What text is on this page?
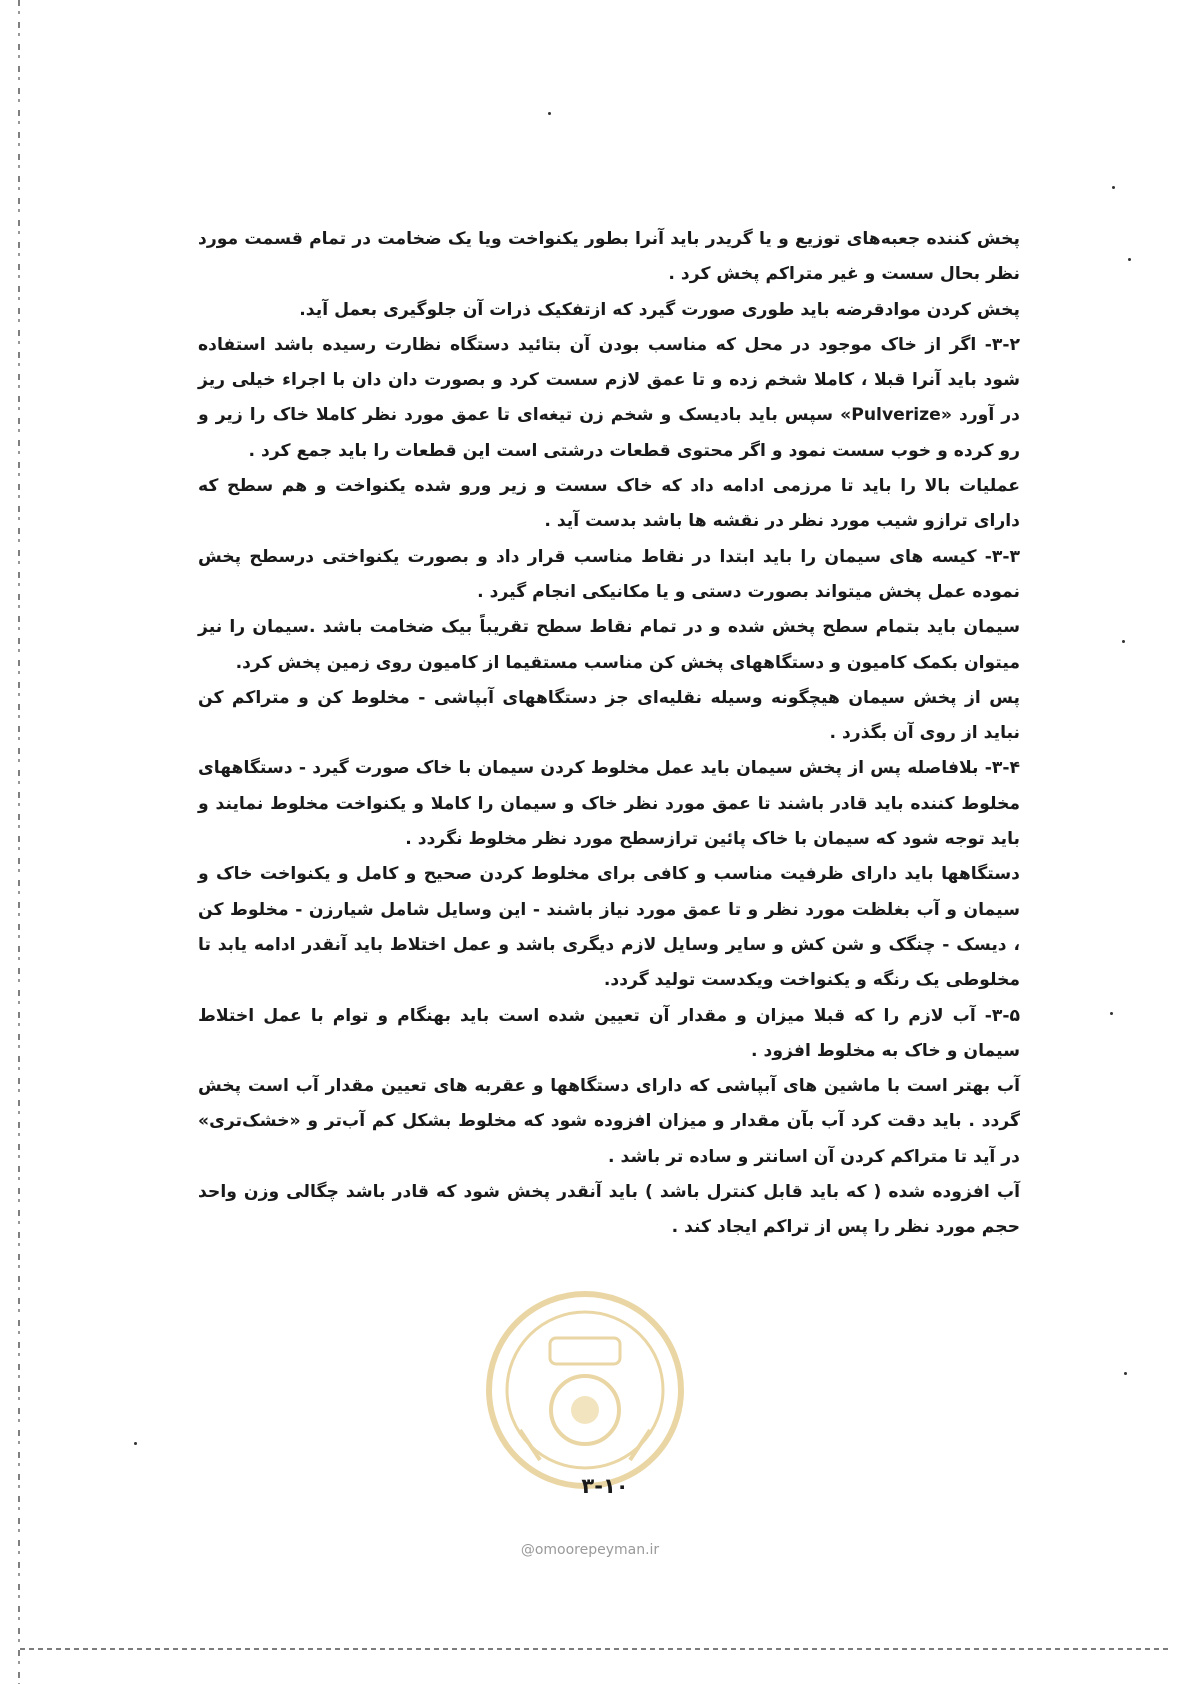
پخش کننده جعبه‌های توزیع و یا گریدر باید آنرا بطور یکنواخت ویا یک ضخامت در تمام قسمت مورد نظر بحال سست و غیر متراکم پخش کرد .

پخش کردن موادقرضه باید طوری صورت گیرد که ازتفکیک ذرات آن جلوگیری بعمل آید.

۳-۲- اگر از خاک موجود در محل که مناسب بودن آن بتائید دستگاه نظارت رسیده باشد استفاده شود باید آنرا قبلا ، کاملا شخم زده و تا عمق لازم سست کرد و بصورت دان دان با اجراء خیلی ریز در آورد «Pulverize» سپس باید بادیسک و شخم زن تیغه‌ای تا عمق مورد نظر کاملا خاک را زیر و رو کرده و خوب سست نمود و اگر محتوی قطعات درشتی است این قطعات را باید جمع کرد .

عملیات بالا را باید تا مرزمی ادامه داد که خاک سست و زیر ورو شده یکنواخت و هم سطح که دارای ترازو شیب مورد نظر در نقشه ها باشد بدست آید .

۳-۳- کیسه های سیمان را باید ابتدا در نقاط مناسب قرار داد و بصورت یکنواختی درسطح پخش نموده عمل پخش میتواند بصورت دستی و یا مکانیکی انجام گیرد .

سیمان باید بتمام سطح پخش شده و در تمام نقاط سطح تقریباً بیک ضخامت باشد .سیمان را نیز میتوان بکمک کامیون و دستگاههای پخش کن مناسب مستقیما از کامیون روی زمین پخش کرد.

پس از پخش سیمان هیچگونه وسیله نقلیه‌ای جز دستگاههای آبپاشی - مخلوط کن و متراکم کن نباید از روی آن بگذرد .

۳-۴- بلافاصله پس از پخش سیمان باید عمل مخلوط کردن سیمان با خاک صورت گیرد - دستگاههای مخلوط کننده باید قادر باشند تا عمق مورد نظر خاک و سیمان را کاملا و یکنواخت مخلوط نمایند و باید توجه شود که سیمان با خاک پائین ترازسطح مورد نظر مخلوط نگردد .

دستگاهها باید دارای ظرفیت مناسب و کافی برای مخلوط کردن صحیح و کامل و یکنواخت خاک و سیمان و آب بغلظت مورد نظر و تا عمق مورد نیاز باشند - این وسایل شامل شیارزن - مخلوط کن ، دیسک - چنگک و شن کش و سایر وسایل لازم دیگری باشد و عمل اختلاط باید آنقدر ادامه یابد تا مخلوطی یک رنگه و یکنواخت ویکدست تولید گردد.

۳-۵- آب لازم را که قبلا میزان و مقدار آن تعیین شده است باید بهنگام و توام با عمل اختلاط سیمان و خاک به مخلوط افزود .

آب بهتر است با ماشین های آبپاشی که دارای دستگاهها و عقربه های تعیین مقدار آب است پخش گردد . باید دقت کرد آب بآن مقدار و میزان افزوده شود که مخلوط بشکل کم آب‌تر و «خشک‌تری» در آید تا متراکم کردن آن اسانتر و ساده تر باشد .

آب افزوده شده ( که باید قابل کنترل باشد ) باید آنقدر پخش شود که قادر باشد چگالی وزن واحد حجم مورد نظر را پس از تراکم ایجاد کند .

۳-۱۰
@omoorepeyman.ir
